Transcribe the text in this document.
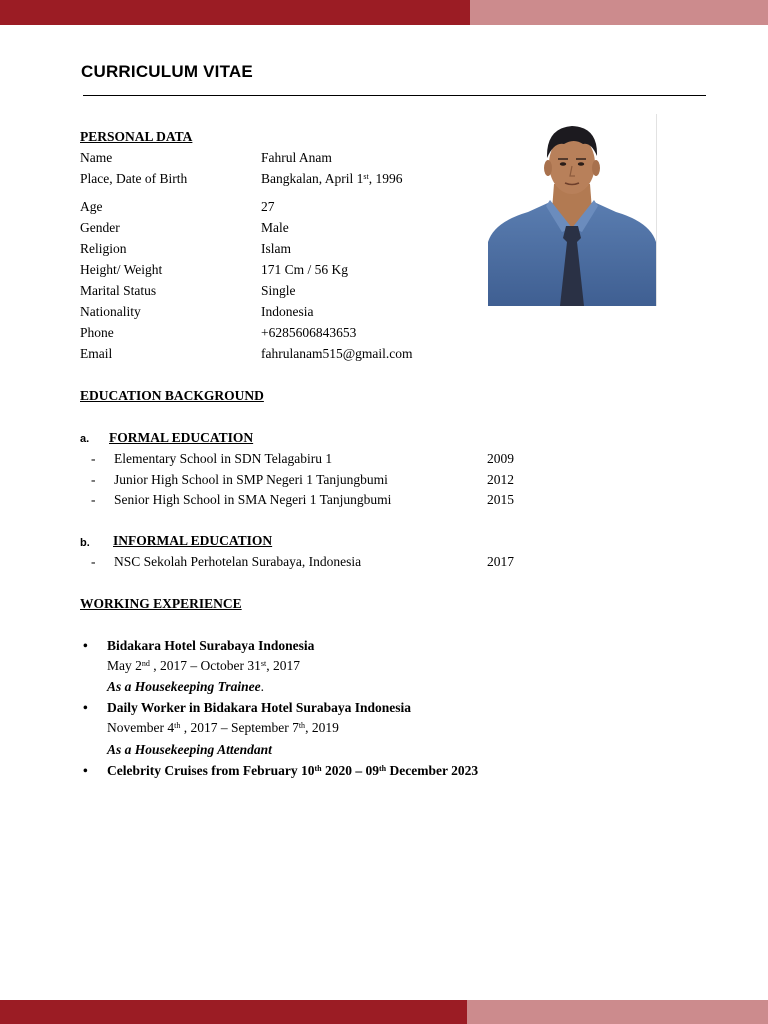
CURRICULUM VITAE
PERSONAL DATA
Name	Fahrul Anam
Place, Date of Birth	Bangkalan, April 1st, 1996
Age	27
Gender	Male
Religion	Islam
Height/ Weight	171 Cm / 56 Kg
Marital Status	Single
Nationality	Indonesia
Phone	+6285606843653
Email	fahrulanam515@gmail.com
EDUCATION BACKGROUND
a. FORMAL EDUCATION
- Elementary School in SDN Telagabiru 1	2009
- Junior High School in SMP Negeri 1 Tanjungbumi	2012
- Senior High School in SMA Negeri 1 Tanjungbumi	2015
b. INFORMAL EDUCATION
- NSC Sekolah Perhotelan Surabaya, Indonesia	2017
WORKING EXPERIENCE
• Bidakara Hotel Surabaya Indonesia
May 2nd , 2017 – October 31st, 2017
As a Housekeeping Trainee.
• Daily Worker in Bidakara Hotel Surabaya Indonesia
November 4th , 2017 – September 7th, 2019
As a Housekeeping Attendant
• Celebrity Cruises from February 10th 2020 – 09th December 2023
